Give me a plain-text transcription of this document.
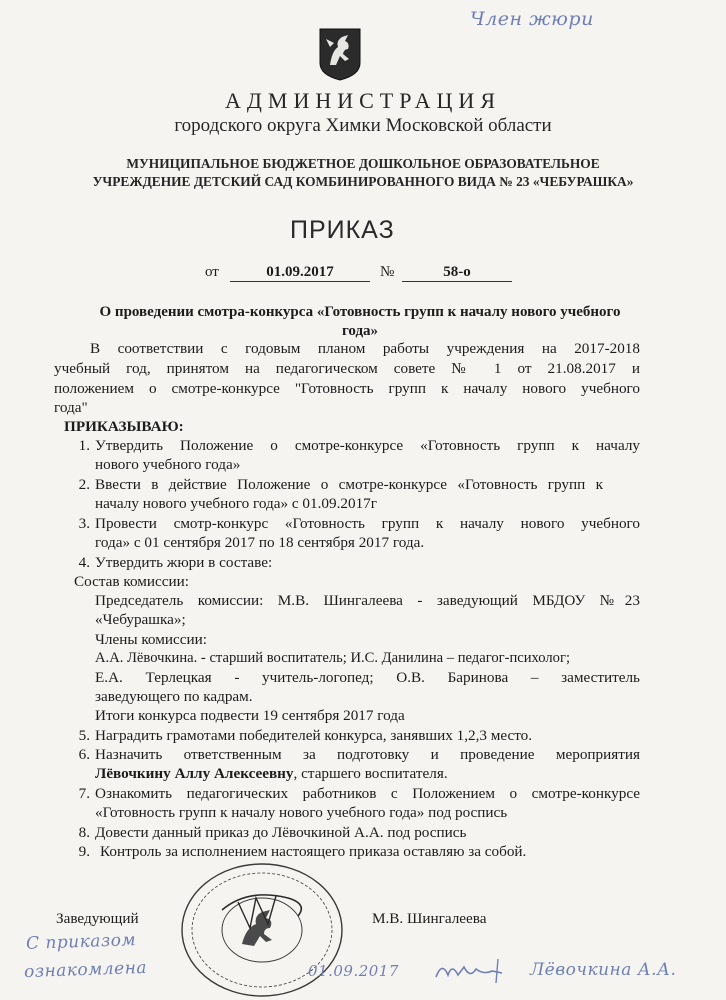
Член жюри
АДМИНИСТРАЦИЯ
городского округа Химки Московской области
МУНИЦИПАЛЬНОЕ БЮДЖЕТНОЕ ДОШКОЛЬНОЕ ОБРАЗОВАТЕЛЬНОЕ
УЧРЕЖДЕНИЕ ДЕТСКИЙ САД КОМБИНИРОВАННОГО ВИДА № 23 «ЧЕБУРАШКА»
ПРИКАЗ
от	01.09.2017	№	58-о
О проведении смотра-конкурса «Готовность групп к началу нового учебного
года»
В соответствии с годовым планом работы учреждения на 2017-2018
учебный год, принятом на педагогическом совете № 1 от 21.08.2017 и
положением о смотре-конкурсе "Готовность групп к началу нового учебного
года"
ПРИКАЗЫВАЮ:
1. Утвердить Положение о смотре-конкурсе «Готовность групп к началу
нового учебного года»
2. Ввести в действие Положение о смотре-конкурсе «Готовность групп к
началу нового учебного года» с 01.09.2017г
3. Провести смотр-конкурс «Готовность групп к началу нового учебного
года» с 01 сентября 2017 по 18 сентября 2017 года.
4. Утвердить жюри в составе:
Состав комиссии:
Председатель комиссии: М.В. Шингалеева - заведующий МБДОУ №23
«Чебурашка»;
Члены комиссии:
А.А. Лёвочкина. - старший воспитатель; И.С. Данилина – педагог-психолог;
Е.А. Терлецкая - учитель-логопед; О.В. Баринова – заместитель
заведующего по кадрам.
Итоги конкурса подвести 19 сентября 2017 года
5. Наградить грамотами победителей конкурса, занявших 1,2,3 место.
6. Назначить ответственным за подготовку и проведение мероприятия
Лёвочкину Аллу Алексеевну, старшего воспитателя.
7. Ознакомить педагогических работников с Положением о смотре-конкурсе
«Готовность групп к началу нового учебного года» под роспись
8. Довести данный приказ до Лёвочкиной А.А. под роспись
9. Контроль за исполнением настоящего приказа оставляю за собой.
Заведующий	М.В. Шингалеева
С приказом
ознакомлена	01.09.2017	Лёвочкина А.А.
